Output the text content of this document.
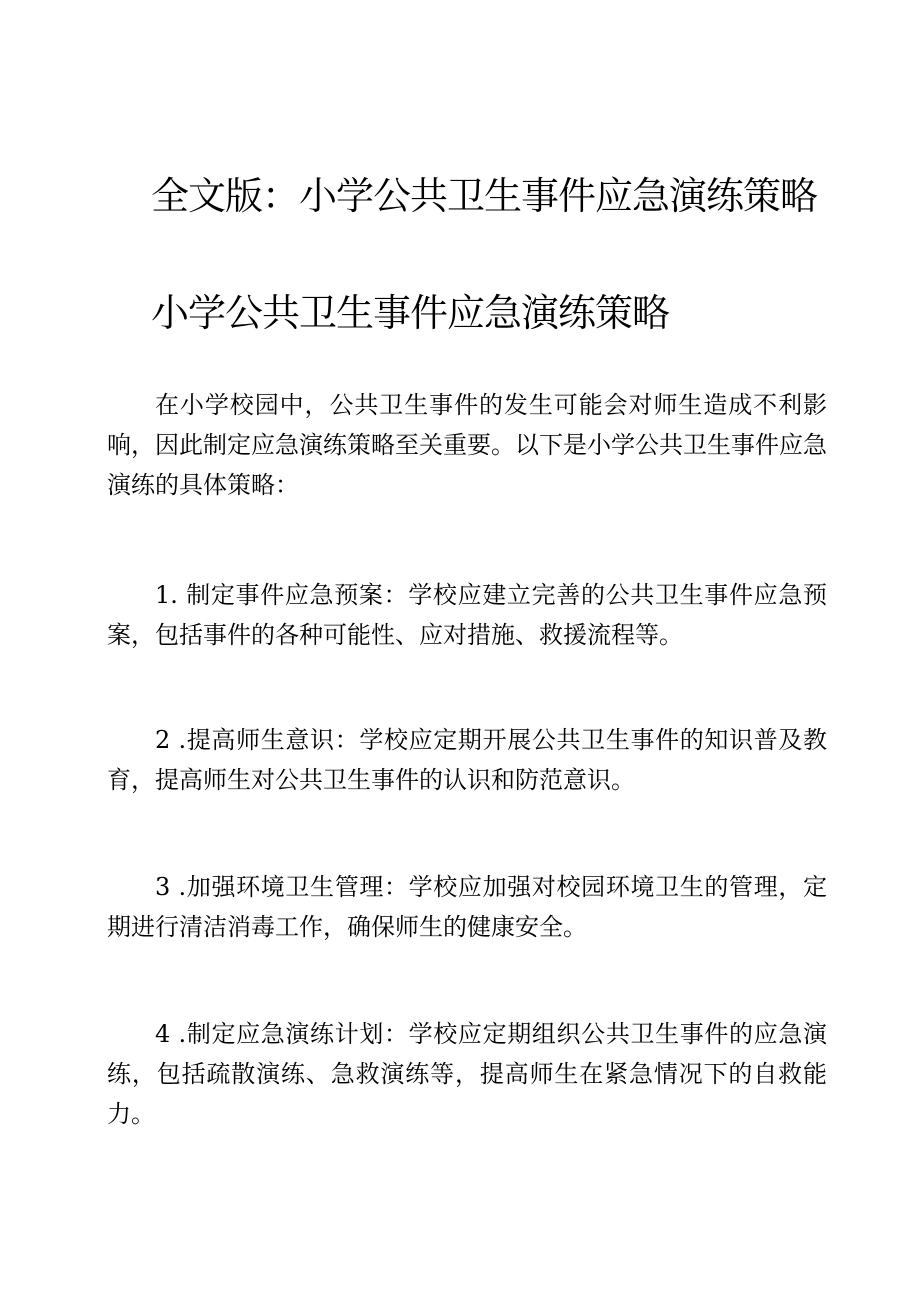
全文版：小学公共卫生事件应急演练策略
小学公共卫生事件应急演练策略

在小学校园中，公共卫生事件的发生可能会对师生造成不利影响，因此制定应急演练策略至关重要。以下是小学公共卫生事件应急演练的具体策略：

1. 制定事件应急预案：学校应建立完善的公共卫生事件应急预案，包括事件的各种可能性、应对措施、救援流程等。

2 .提高师生意识：学校应定期开展公共卫生事件的知识普及教育，提高师生对公共卫生事件的认识和防范意识。

3 .加强环境卫生管理：学校应加强对校园环境卫生的管理，定期进行清洁消毒工作，确保师生的健康安全。

4 .制定应急演练计划：学校应定期组织公共卫生事件的应急演练，包括疏散演练、急救演练等，提高师生在紧急情况下的自救能力。
